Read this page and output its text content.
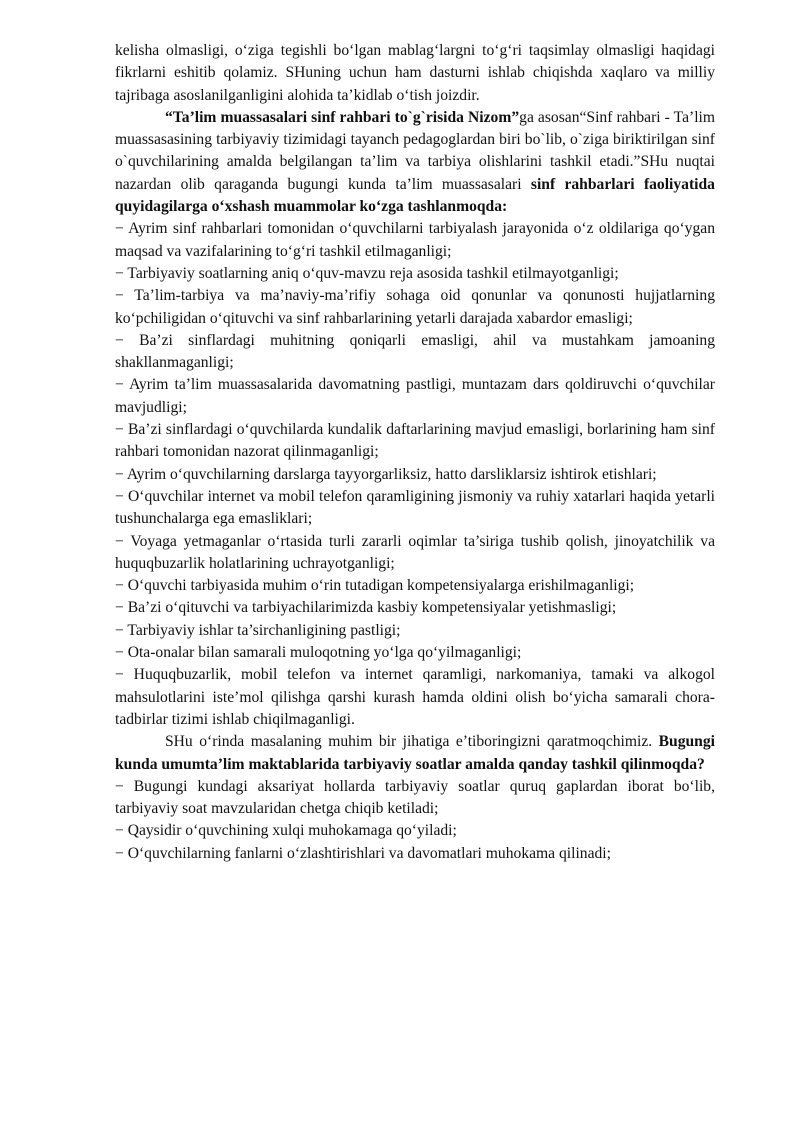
kelisha olmasligi, o‘ziga tegishli bo‘lgan mablag‘largni to‘g‘ri taqsimlay olmasligi haqidagi fikrlarni eshitib qolamiz. SHuning uchun ham dasturni ishlab chiqishda xaqlaro va milliy tajribaga asoslanilganligini alohida ta’kidlab o‘tish joizdir.

“Ta’lim muassasalari sinf rahbari to`g`risida Nizom”ga asosan“Sinf rahbari - Ta’lim muassasasining tarbiyaviy tizimidagi tayanch pedagoglardan biri bo`lib, o`ziga biriktirilgan sinf o`quvchilarining amalda belgilangan ta’lim va tarbiya olishlarini tashkil etadi.”SHu nuqtai nazardan olib qaraganda bugungi kunda ta’lim muassasalari sinf rahbarlari faoliyatida quyidagilarga o‘xshash muammolar ko‘zga tashlanmoqda:

− Ayrim sinf rahbarlari tomonidan o‘quvchilarni tarbiyalash jarayonida o‘z oldilariga qo‘ygan maqsad va vazifalarining to‘g‘ri tashkil etilmaganligi;

− Tarbiyaviy soatlarning aniq o‘quv-mavzu reja asosida tashkil etilmayotganligi;

− Ta’lim-tarbiya va ma’naviy-ma’rifiy sohaga oid qonunlar va qonunosti hujjatlarning ko‘pchiligidan o‘qituvchi va sinf rahbarlarining yetarli darajada xabardor emasligi;

− Ba’zi sinflardagi muhitning qoniqarli emasligi, ahil va mustahkam jamoaning shakllanmaganligi;

− Ayrim ta’lim muassasalarida davomatning pastligi, muntazam dars qoldiruvchi o‘quvchilar mavjudligi;

− Ba’zi sinflardagi o‘quvchilarda kundalik daftarlarining mavjud emasligi, borlarining ham sinf rahbari tomonidan nazorat qilinmaganligi;

− Ayrim o‘quvchilarning darslarga tayyorgarliksiz, hatto darsliklarsiz ishtirok etishlari;

− O‘quvchilar internet va mobil telefon qaramligining jismoniy va ruhiy xatarlari haqida yetarli tushunchalarga ega emasliklari;

− Voyaga yetmaganlar o‘rtasida turli zararli oqimlar ta’siriga tushib qolish, jinoyatchilik va huquqbuzarlik holatlarining uchrayotganligi;

− O‘quvchi tarbiyasida muhim o‘rin tutadigan kompetensiyalarga erishilmaganligi;

− Ba’zi o‘qituvchi va tarbiyachilarimizda kasbiy kompetensiyalar yetishmasligi;

− Tarbiyaviy ishlar ta’sirchanligining pastligi;

− Ota-onalar bilan samarali muloqotning yo‘lga qo‘yilmaganligi;

− Huquqbuzarlik, mobil telefon va internet qaramligi, narkomaniya, tamaki va alkogol mahsulotlarini iste’mol qilishga qarshi kurash hamda oldini olish bo‘yicha samarali chora-tadbirlar tizimi ishlab chiqilmaganligi.

SHu o‘rinda masalaning muhim bir jihatiga e’tiboringizni qaratmoqchimiz. Bugungi kunda umumta’lim maktablarida tarbiyaviy soatlar amalda qanday tashkil qilinmoqda?

− Bugungi kundagi aksariyat hollarda tarbiyaviy soatlar quruq gaplardan iborat bo‘lib, tarbiyaviy soat mavzularidan chetga chiqib ketiladi;

− Qaysidir o‘quvchining xulqi muhokamaga qo‘yiladi;

− O‘quvchilarning fanlarni o‘zlashtirishlari va davomatlari muhokama qilinadi;
